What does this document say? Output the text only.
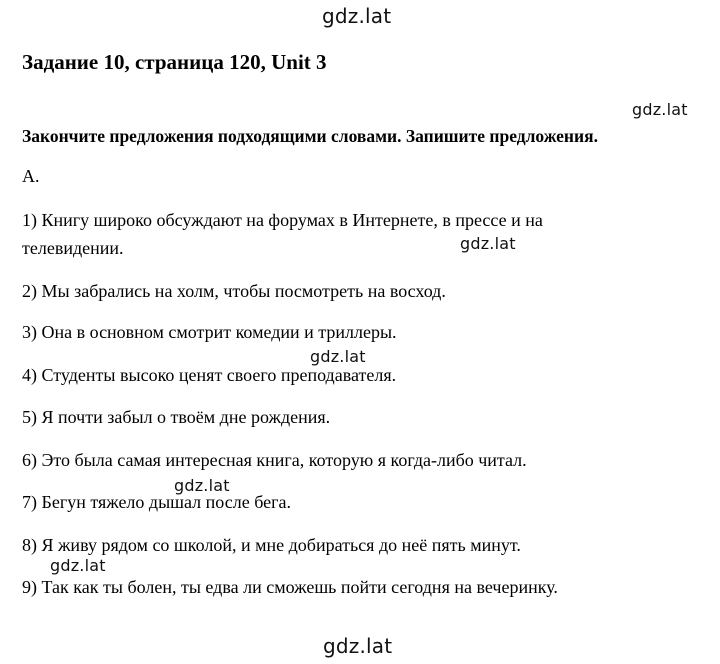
gdz.lat
Задание 10, страница 120, Unit 3
gdz.lat

Закончите предложения подходящими словами. Запишите предложения.

A.

1) Книгу широко обсуждают на форумах в Интернете, в прессе и на
телевидении.	gdz.lat
2) Мы забрались на холм, чтобы посмотреть на восход.
3) Она в основном смотрит комедии и триллеры.
gdz.lat
4) Студенты высоко ценят своего преподавателя.
5) Я почти забыл о твоём дне рождения.
6) Это была самая интересная книга, которую я когда-либо читал.
gdz.lat
7) Бегун тяжело дышал после бега.
8) Я живу рядом со школой, и мне добираться до неё пять минут.
gdz.lat
9) Так как ты болен, ты едва ли сможешь пойти сегодня на вечеринку.
gdz.lat
